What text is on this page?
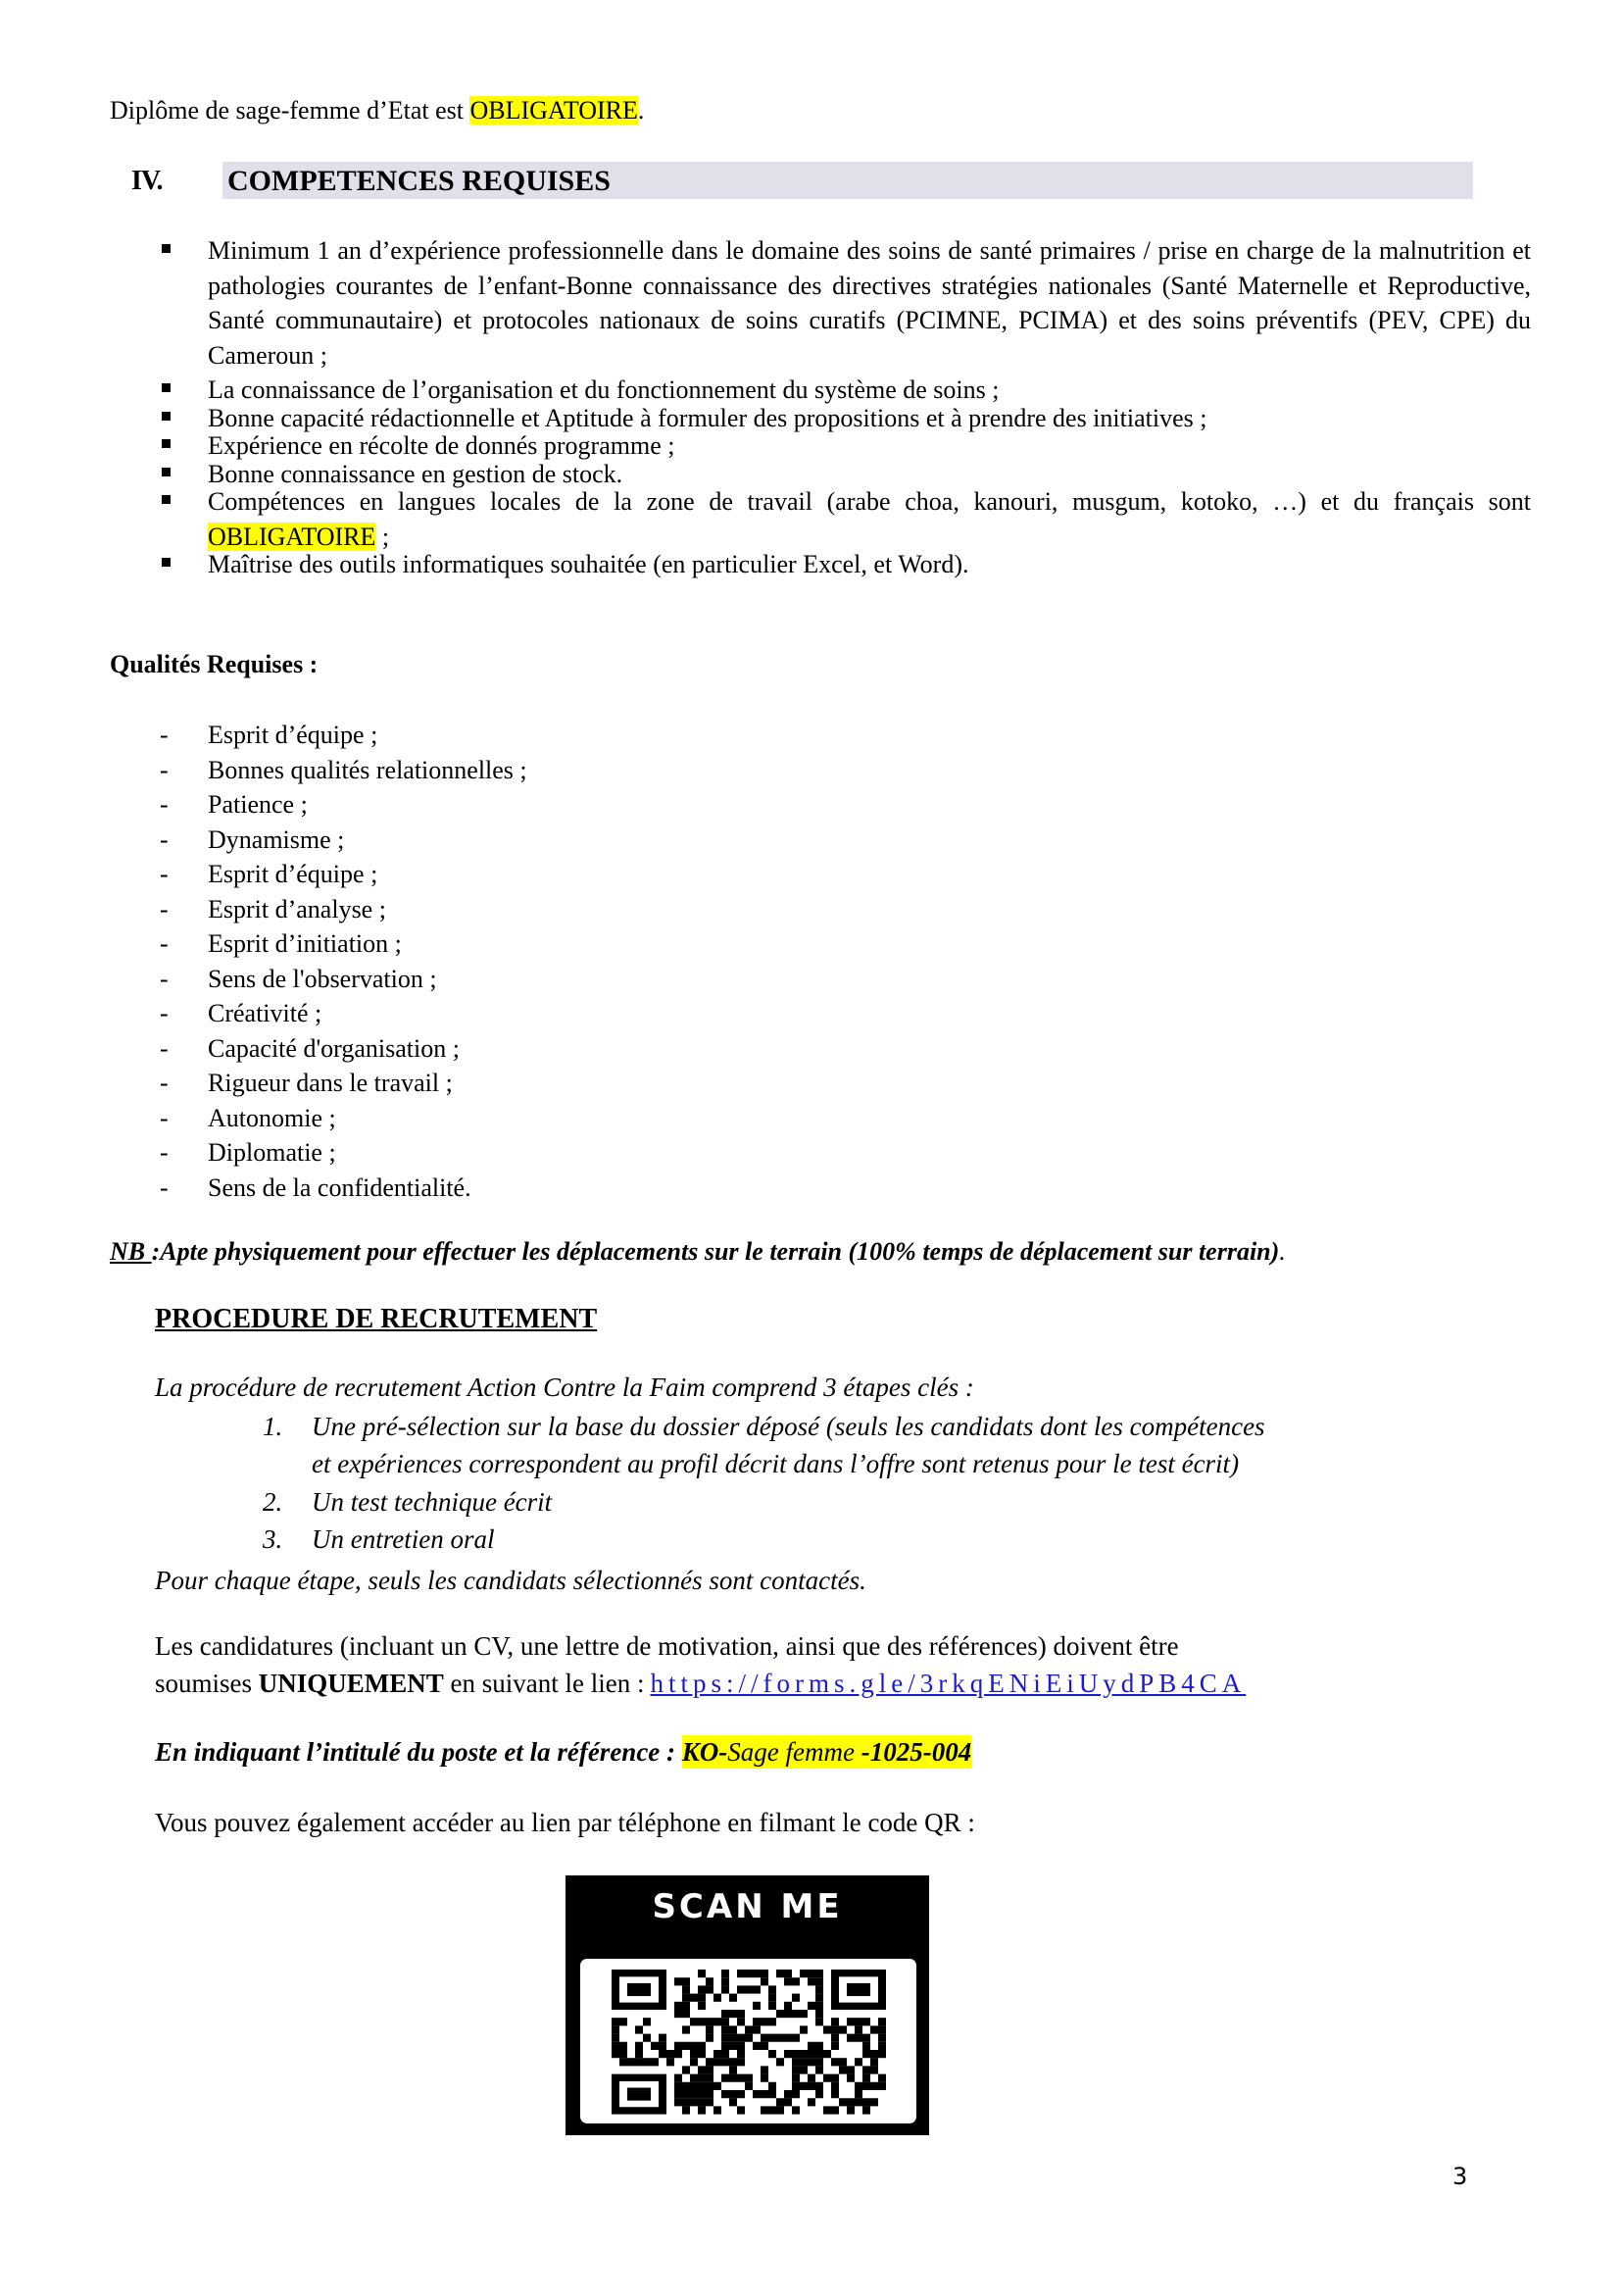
Diplôme de sage-femme d’Etat est OBLIGATOIRE.
IV. COMPETENCES REQUISES
Minimum 1 an d’expérience professionnelle dans le domaine des soins de santé primaires / prise en charge de la malnutrition et pathologies courantes de l’enfant-Bonne connaissance des directives stratégies nationales (Santé Maternelle et Reproductive, Santé communautaire) et protocoles nationaux de soins curatifs (PCIMNE, PCIMA) et des soins préventifs (PEV, CPE) du Cameroun ;
La connaissance de l’organisation et du fonctionnement du système de soins ;
Bonne capacité rédactionnelle et Aptitude à formuler des propositions et à prendre des initiatives ;
Expérience en récolte de donnés programme ;
Bonne connaissance en gestion de stock.
Compétences en langues locales de la zone de travail (arabe choa, kanouri, musgum, kotoko, …) et du français sont OBLIGATOIRE ;
Maîtrise des outils informatiques souhaitée (en particulier Excel, et Word).
Qualités Requises :
- Esprit d’équipe ;
- Bonnes qualités relationnelles ;
- Patience ;
- Dynamisme ;
- Esprit d’équipe ;
- Esprit d’analyse ;
- Esprit d’initiation ;
- Sens de l'observation ;
- Créativité ;
- Capacité d'organisation ;
- Rigueur dans le travail ;
- Autonomie ;
- Diplomatie ;
- Sens de la confidentialité.
NB :Apte physiquement pour effectuer les déplacements sur le terrain (100% temps de déplacement sur terrain).
PROCEDURE DE RECRUTEMENT
La procédure de recrutement Action Contre la Faim comprend 3 étapes clés :
1. Une pré-sélection sur la base du dossier déposé (seuls les candidats dont les compétences
et expériences correspondent au profil décrit dans l’offre sont retenus pour le test écrit)
2. Un test technique écrit
3. Un entretien oral
Pour chaque étape, seuls les candidats sélectionnés sont contactés.
Les candidatures (incluant un CV, une lettre de motivation, ainsi que des références) doivent être
soumises UNIQUEMENT en suivant le lien : https://forms.gle/3rkqENiEiUydPB4CA
En indiquant l’intitulé du poste et la référence : KO-Sage femme -1025-004
Vous pouvez également accéder au lien par téléphone en filmant le code QR :
SCAN ME
3
